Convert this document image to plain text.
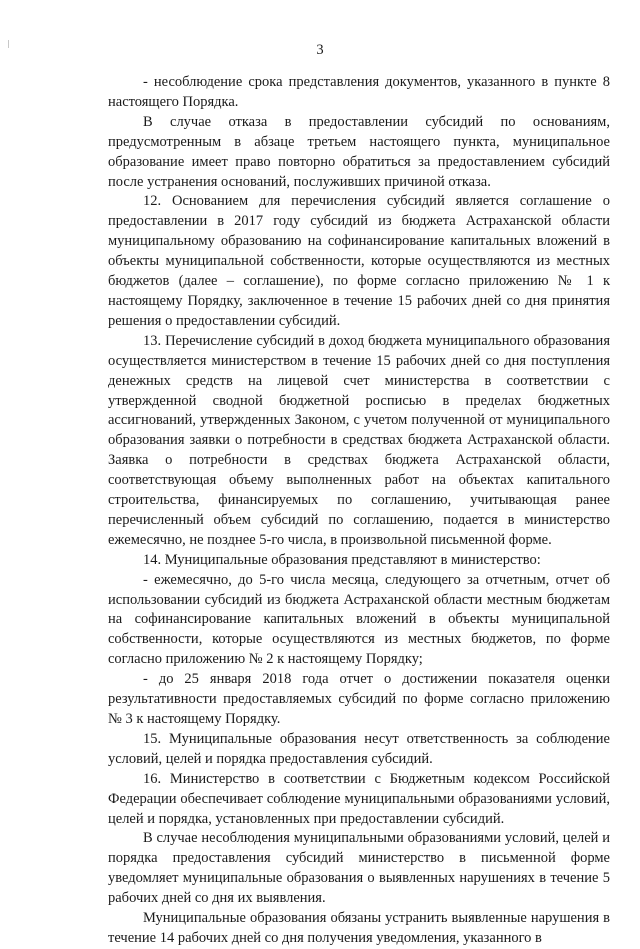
3

- несоблюдение срока представления документов, указанного в пункте 8 настоящего Порядка.

В случае отказа в предоставлении субсидий по основаниям, предусмотренным в абзаце третьем настоящего пункта, муниципальное образование имеет право повторно обратиться за предоставлением субсидий после устранения оснований, послуживших причиной отказа.

12. Основанием для перечисления субсидий является соглашение о предоставлении в 2017 году субсидий из бюджета Астраханской области муниципальному образованию на софинансирование капитальных вложений в объекты муниципальной собственности, которые осуществляются из местных бюджетов (далее – соглашение), по форме согласно приложению № 1 к настоящему Порядку, заключенное в течение 15 рабочих дней со дня принятия решения о предоставлении субсидий.

13. Перечисление субсидий в доход бюджета муниципального образования осуществляется министерством в течение 15 рабочих дней со дня поступления денежных средств на лицевой счет министерства в соответствии с утвержденной сводной бюджетной росписью в пределах бюджетных ассигнований, утвержденных Законом, с учетом полученной от муниципального образования заявки о потребности в средствах бюджета Астраханской области. Заявка о потребности в средствах бюджета Астраханской области, соответствующая объему выполненных работ на объектах капитального строительства, финансируемых по соглашению, учитывающая ранее перечисленный объем субсидий по соглашению, подается в министерство ежемесячно, не позднее 5-го числа, в произвольной письменной форме.

14. Муниципальные образования представляют в министерство:

- ежемесячно, до 5-го числа месяца, следующего за отчетным, отчет об использовании субсидий из бюджета Астраханской области местным бюджетам на софинансирование капитальных вложений в объекты муниципальной собственности, которые осуществляются из местных бюджетов, по форме согласно приложению № 2 к настоящему Порядку;

- до 25 января 2018 года отчет о достижении показателя оценки результативности предоставляемых субсидий по форме согласно приложению № 3 к настоящему Порядку.

15. Муниципальные образования несут ответственность за соблюдение условий, целей и порядка предоставления субсидий.

16. Министерство в соответствии с Бюджетным кодексом Российской Федерации обеспечивает соблюдение муниципальными образованиями условий, целей и порядка, установленных при предоставлении субсидий.

В случае несоблюдения муниципальными образованиями условий, целей и порядка предоставления субсидий министерство в письменной форме уведомляет муниципальные образования о выявленных нарушениях в течение 5 рабочих дней со дня их выявления.

Муниципальные образования обязаны устранить выявленные нарушения в течение 14 рабочих дней со дня получения уведомления, указанного в
